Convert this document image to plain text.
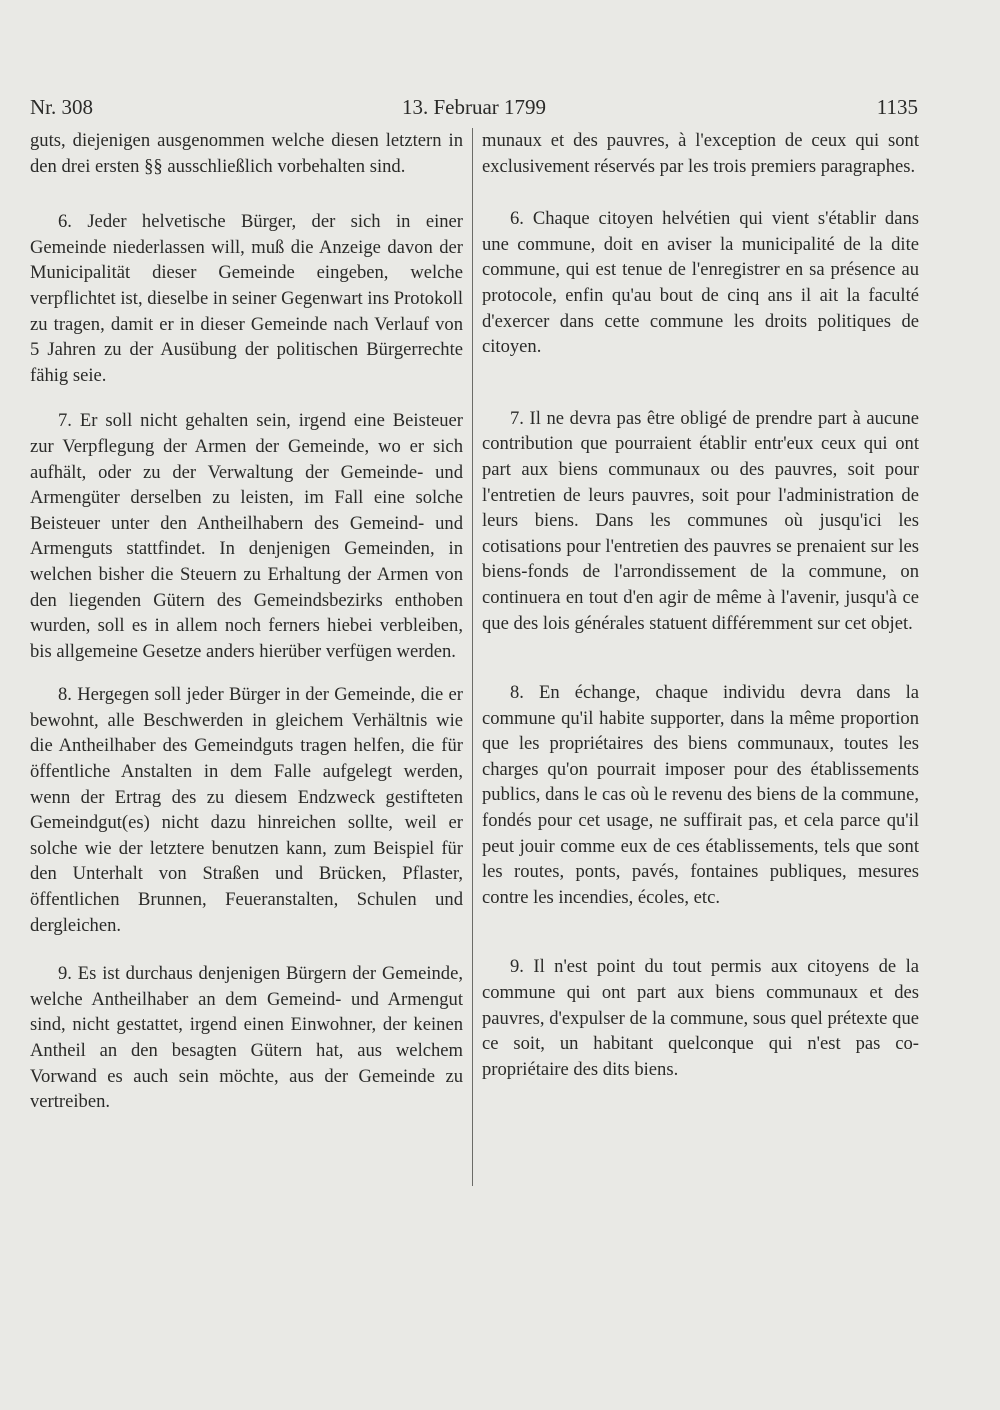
Nr. 308	13. Februar 1799	1135

guts, diejenigen ausgenommen welche diesen letztern in den drei ersten §§ ausschließlich vorbehalten sind.

6. Jeder helvetische Bürger, der sich in einer Gemeinde niederlassen will, muß die Anzeige davon der Municipalität dieser Gemeinde eingeben, welche verpflichtet ist, dieselbe in seiner Gegenwart ins Protokoll zu tragen, damit er in dieser Gemeinde nach Verlauf von 5 Jahren zu der Ausübung der politischen Bürgerrechte fähig seie.

7. Er soll nicht gehalten sein, irgend eine Beisteuer zur Verpflegung der Armen der Gemeinde, wo er sich aufhält, oder zu der Verwaltung der Gemeinde- und Armengüter derselben zu leisten, im Fall eine solche Beisteuer unter den Antheilhabern des Gemeind- und Armenguts stattfindet. In denjenigen Gemeinden, in welchen bisher die Steuern zu Erhaltung der Armen von den liegenden Gütern des Gemeindsbezirks enthoben wurden, soll es in allem noch ferners hiebei verbleiben, bis allgemeine Gesetze anders hierüber verfügen werden.

8. Hergegen soll jeder Bürger in der Gemeinde, die er bewohnt, alle Beschwerden in gleichem Verhältnis wie die Antheilhaber des Gemeindguts tragen helfen, die für öffentliche Anstalten in dem Falle aufgelegt werden, wenn der Ertrag des zu diesem Endzweck gestifteten Gemeindgut(es) nicht dazu hinreichen sollte, weil er solche wie der letztere benutzen kann, zum Beispiel für den Unterhalt von Straßen und Brücken, Pflaster, öffentlichen Brunnen, Feueranstalten, Schulen und dergleichen.

9. Es ist durchaus denjenigen Bürgern der Gemeinde, welche Antheilhaber an dem Gemeind- und Armengut sind, nicht gestattet, irgend einen Einwohner, der keinen Antheil an den besagten Gütern hat, aus welchem Vorwand es auch sein möchte, aus der Gemeinde zu vertreiben.

munaux et des pauvres, à l'exception de ceux qui sont exclusivement réservés par les trois premiers paragraphes.

6. Chaque citoyen helvétien qui vient s'établir dans une commune, doit en aviser la municipalité de la dite commune, qui est tenue de l'enregistrer en sa présence au protocole, enfin qu'au bout de cinq ans il ait la faculté d'exercer dans cette commune les droits politiques de citoyen.

7. Il ne devra pas être obligé de prendre part à aucune contribution que pourraient établir entr'eux ceux qui ont part aux biens communaux ou des pauvres, soit pour l'entretien de leurs pauvres, soit pour l'administration de leurs biens. Dans les communes où jusqu'ici les cotisations pour l'entretien des pauvres se prenaient sur les biens-fonds de l'arrondissement de la commune, on continuera en tout d'en agir de même à l'avenir, jusqu'à ce que des lois générales statuent différemment sur cet objet.

8. En échange, chaque individu devra dans la commune qu'il habite supporter, dans la même proportion que les propriétaires des biens communaux, toutes les charges qu'on pourrait imposer pour des établissements publics, dans le cas où le revenu des biens de la commune, fondés pour cet usage, ne suffirait pas, et cela parce qu'il peut jouir comme eux de ces établissements, tels que sont les routes, ponts, pavés, fontaines publiques, mesures contre les incendies, écoles, etc.

9. Il n'est point du tout permis aux citoyens de la commune qui ont part aux biens communaux et des pauvres, d'expulser de la commune, sous quel prétexte que ce soit, un habitant quelconque qui n'est pas co-propriétaire des dits biens.
